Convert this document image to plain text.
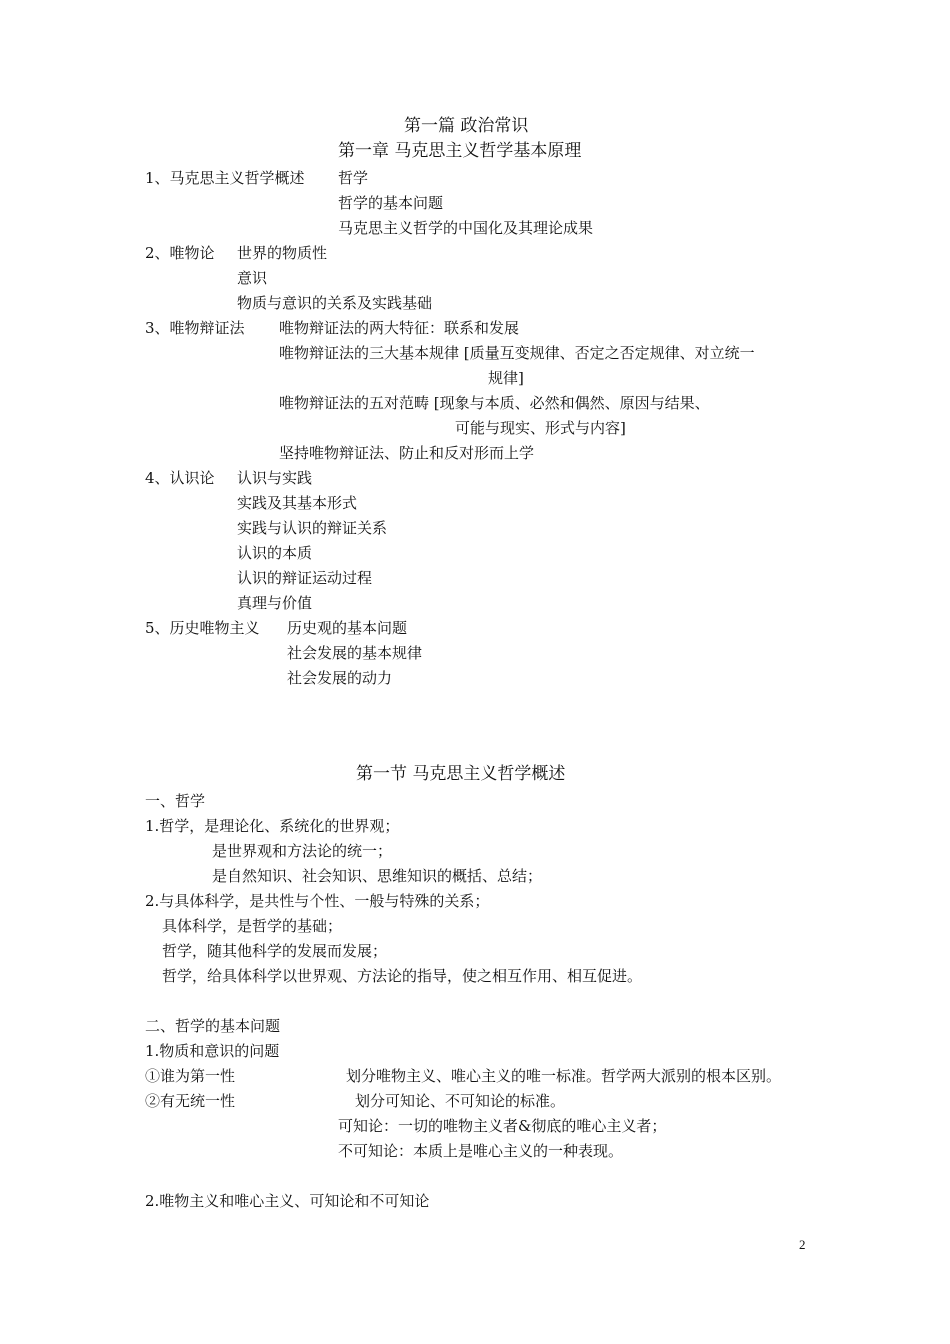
第一篇 政治常识
第一章 马克思主义哲学基本原理
1、马克思主义哲学概述 哲学
哲学的基本问题
马克思主义哲学的中国化及其理论成果
2、唯物论 世界的物质性
意识
物质与意识的关系及实践基础
3、唯物辩证法 唯物辩证法的两大特征：联系和发展
唯物辩证法的三大基本规律 [质量互变规律、否定之否定规律、对立统一
规律]
唯物辩证法的五对范畴 [现象与本质、必然和偶然、原因与结果、
可能与现实、形式与内容]
坚持唯物辩证法、防止和反对形而上学
4、认识论 认识与实践
实践及其基本形式
实践与认识的辩证关系
认识的本质
认识的辩证运动过程
真理与价值
5、历史唯物主义 历史观的基本问题
社会发展的基本规律
社会发展的动力
第一节 马克思主义哲学概述
一、哲学
1.哲学，是理论化、系统化的世界观；
是世界观和方法论的统一；
是自然知识、社会知识、思维知识的概括、总结；
2.与具体科学，是共性与个性、一般与特殊的关系；
具体科学，是哲学的基础；
哲学，随其他科学的发展而发展；
哲学，给具体科学以世界观、方法论的指导，使之相互作用、相互促进。
二、哲学的基本问题
1.物质和意识的问题
①谁为第一性	划分唯物主义、唯心主义的唯一标准。哲学两大派别的根本区别。
②有无统一性	划分可知论、不可知论的标准。
可知论：一切的唯物主义者&彻底的唯心主义者；
不可知论：本质上是唯心主义的一种表现。
2.唯物主义和唯心主义、可知论和不可知论
2
